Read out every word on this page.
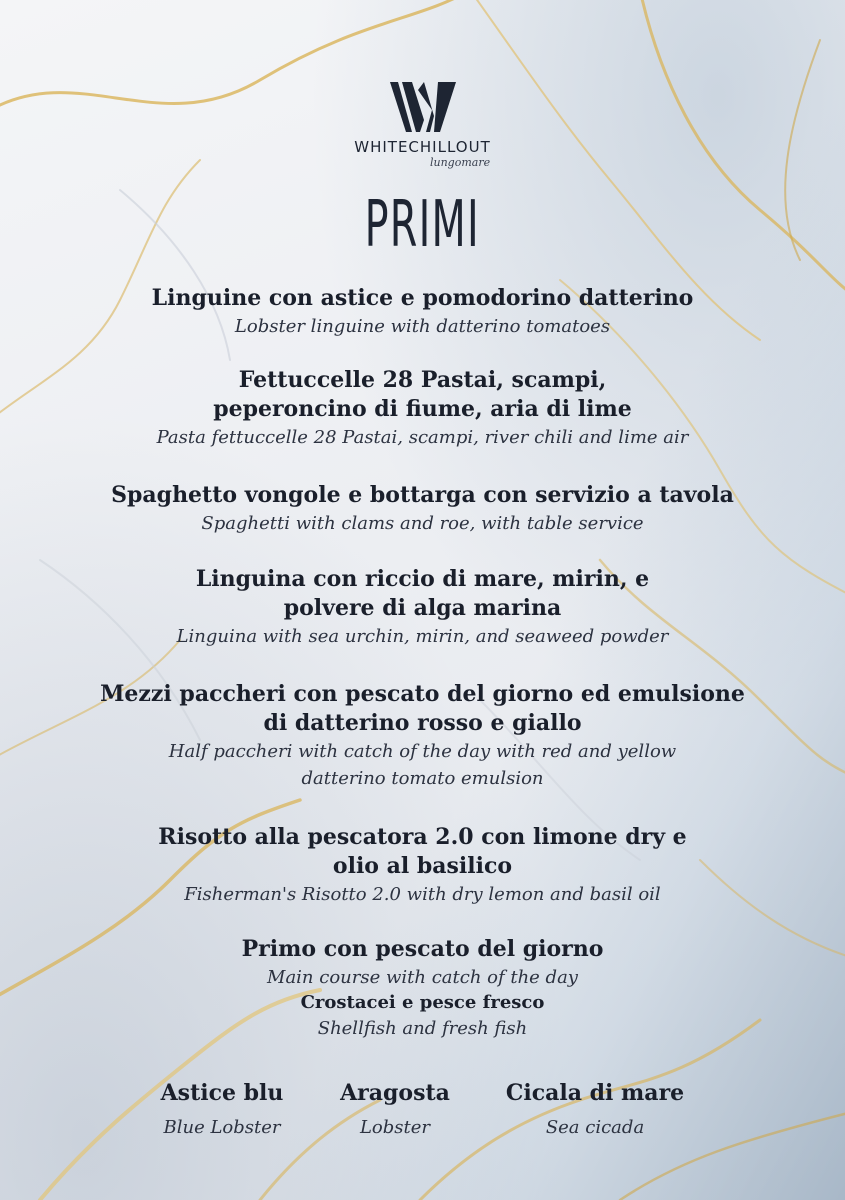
WHITECHILLOUT
lungomare
PRIMI
Linguine con astice e pomodorino datterino
Lobster linguine with datterino tomatoes
Fettuccelle 28 Pastai, scampi,
peperoncino di fiume, aria di lime
Pasta fettuccelle 28 Pastai, scampi, river chili and lime air
Spaghetto vongole e bottarga con servizio a tavola
Spaghetti with clams and roe, with table service
Linguina con riccio di mare, mirin, e
polvere di alga marina
Linguina with sea urchin, mirin, and seaweed powder
Mezzi paccheri con pescato del giorno ed emulsione
di datterino rosso e giallo
Half paccheri with catch of the day with red and yellow
datterino tomato emulsion
Risotto alla pescatora 2.0 con limone dry e
olio al basilico
Fisherman's Risotto 2.0 with dry lemon and basil oil
Primo con pescato del giorno
Main course with catch of the day
Crostacei e pesce fresco
Shellfish and fresh fish
Astice blu
Blue Lobster
Aragosta
Lobster
Cicala di mare
Sea cicada
